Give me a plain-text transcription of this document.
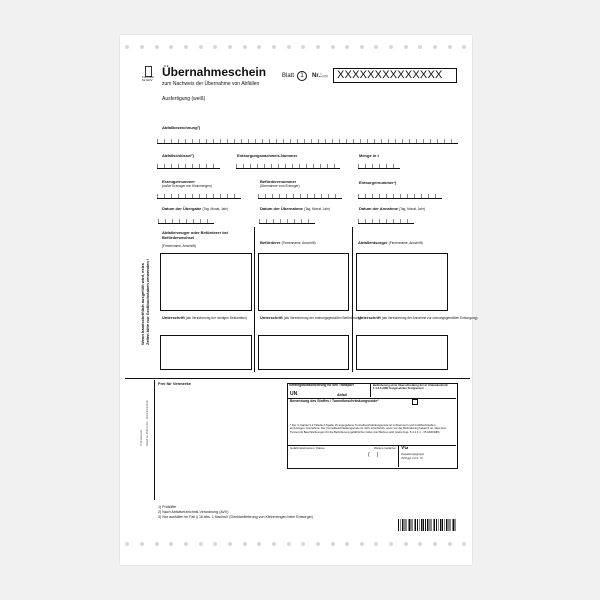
Formular für EDV
Übernahmeschein
zum Nachweis der Übernahme von Abfällen
Blatt	1	Nr.: (¹)(²) XXXXXXXXXXXXXX
Ausfertigung (weiß)
Abfallbezeichnung²)
Abfallschlüssel²)	Entsorgungsnachweis-Nummer	Menge in t
Erzeugernummer
(außer Erzeuger von Kleinmengen)
Beförderernummer
(Übernahme vom Erzeuger)
Entsorgernummer³)
Datum der Übergabe (Tag, Monat, Jahr)	Datum der Übernahme (Tag, Monat, Jahr)	Datum der Annahme (Tag, Monat, Jahr)
Abfallerzeuger oder Beförderer bei Beförderwechsel
(Firmenname, Anschrift)
Beförderer (Firmenname, Anschrift)	Abfallentsorger (Firmenname, Anschrift)
Unterschrift (als Versicherung der richtigen Deklaration)	Unterschrift (als Versicherung der ordnungsgemäßen Beförderung)
Unterschrift (als Versicherung der Annahme zur ordnungsgemäßen Entsorgung)
Wenn handschriftlich ausgefüllt wird, extra Zeilen bitte nur Großbuchstaben verwenden !
Frei für Vermerke
© Dr.Hrog AG Bestell-Nr. 2503 IS 014 · Übernahmeschein
Gefahrgutklassifizierung für den Transport	Beförderung ohne Überschreitung der in Unterabschnitt 1.1.3.6 ADR festgesetzten Freigrenzen
UN	Abfall
Benennung des Stoffes / Tunnelbeschränkungscode*
* Der in Kapitel 3.2 Tabelle A Spalte 15 angegebene Tunnelbeschränkungscode ist in Klammern und Großbuchstaben einzutragen. Ausnahme: Der Tunnelbeschränkungscode ist nicht erforderlich, wenn vor der Beförderung bekannt ist, dass kein Tunnel mit Beschränkungen für die Beförderung gefährlicher Güter durchfahren wird (siehe Kap. 5.4.1.1.1 - 15 ADR/RID).
Gefahrzettelmuster / Klasse	Weitere Gefahren
(     )
VG
Verpackungsgruppe
(IV/ff ggf. 2.2.9.. ff.)
1) Prüfziffer
2) Nach Abfallverzeichnis-Verordnung (AVV)
3) Nur ausfüllen im Fall § 16 Abs. 1 NachwV (Direktanlieferung von Kleinmengen beim Entsorger)
